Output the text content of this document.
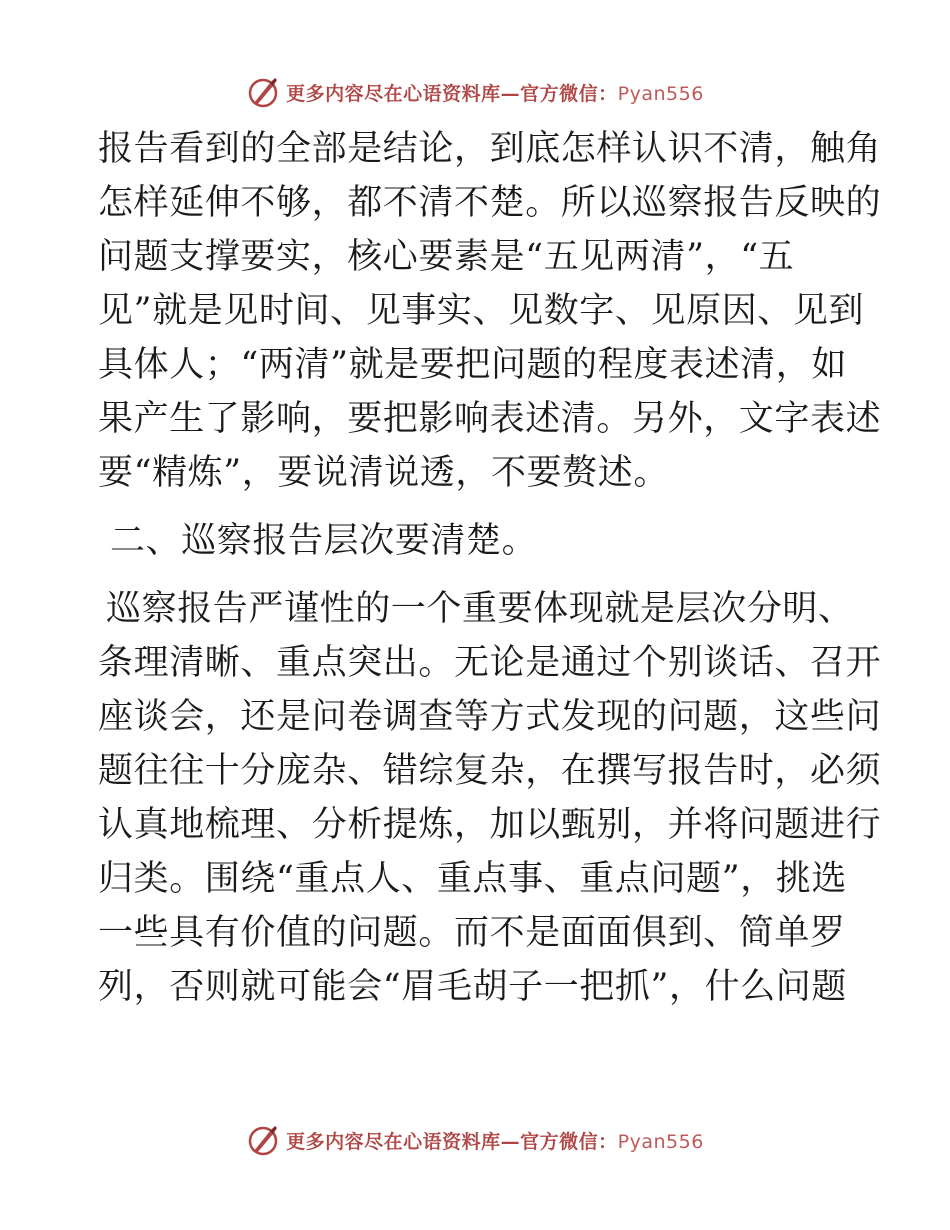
更多内容尽在心语资料库—官方微信：Pyan556
报告看到的全部是结论，到底怎样认识不清，触角
怎样延伸不够，都不清不楚。所以巡察报告反映的
问题支撑要实，核心要素是“五见两清”，“五
见”就是见时间、见事实、见数字、见原因、见到
具体人；“两清”就是要把问题的程度表述清，如
果产生了影响，要把影响表述清。另外，文字表述
要“精炼”，要说清说透，不要赘述。
二、巡察报告层次要清楚。
巡察报告严谨性的一个重要体现就是层次分明、
条理清晰、重点突出。无论是通过个别谈话、召开
座谈会，还是问卷调查等方式发现的问题，这些问
题往往十分庞杂、错综复杂，在撰写报告时，必须
认真地梳理、分析提炼，加以甄别，并将问题进行
归类。围绕“重点人、重点事、重点问题”，挑选
一些具有价值的问题。而不是面面俱到、简单罗
列，否则就可能会“眉毛胡子一把抓”，什么问题
更多内容尽在心语资料库—官方微信：Pyan556
